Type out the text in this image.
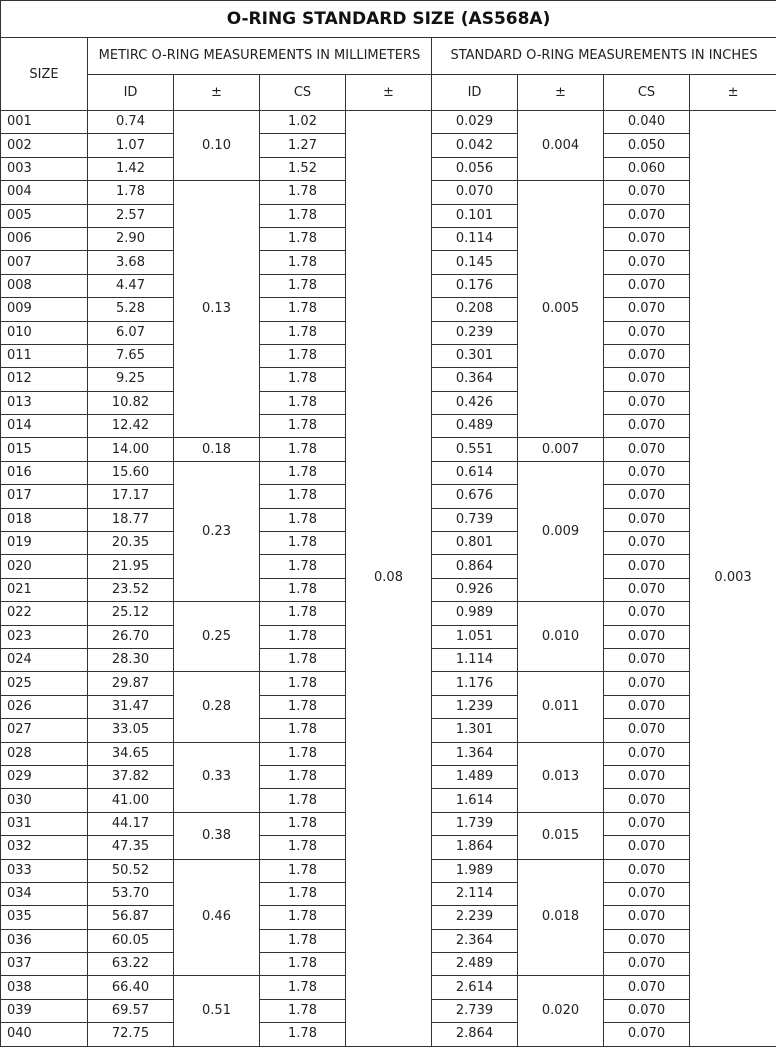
O-RING STANDARD SIZE (AS568A)								
SIZE	METIRC O-RING MEASUREMENTS IN MILLIMETERS				STANDARD O-RING MEASUREMENTS IN INCHES			
	ID	±	CS	±	ID	±	CS	±
001	0.74	0.10	1.02	0.08	0.029	0.004	0.040	0.003
002	1.07		1.27		0.042		0.050	
003	1.42		1.52		0.056		0.060	
004	1.78	0.13	1.78		0.070	0.005	0.070	
005	2.57		1.78		0.101		0.070	
006	2.90		1.78		0.114		0.070	
007	3.68		1.78		0.145		0.070	
008	4.47		1.78		0.176		0.070	
009	5.28		1.78		0.208		0.070	
010	6.07		1.78		0.239		0.070	
011	7.65		1.78		0.301		0.070	
012	9.25		1.78		0.364		0.070	
013	10.82		1.78		0.426		0.070	
014	12.42		1.78		0.489		0.070	
015	14.00	0.18	1.78		0.551	0.007	0.070	
016	15.60	0.23	1.78		0.614	0.009	0.070	
017	17.17		1.78		0.676		0.070	
018	18.77		1.78		0.739		0.070	
019	20.35		1.78		0.801		0.070	
020	21.95		1.78		0.864		0.070	
021	23.52		1.78		0.926		0.070	
022	25.12	0.25	1.78		0.989	0.010	0.070	
023	26.70		1.78		1.051		0.070	
024	28.30		1.78		1.114		0.070	
025	29.87	0.28	1.78		1.176	0.011	0.070	
026	31.47		1.78		1.239		0.070	
027	33.05		1.78		1.301		0.070	
028	34.65	0.33	1.78		1.364	0.013	0.070	
029	37.82		1.78		1.489		0.070	
030	41.00		1.78		1.614		0.070	
031	44.17	0.38	1.78		1.739	0.015	0.070	
032	47.35		1.78		1.864		0.070	
033	50.52	0.46	1.78		1.989	0.018	0.070	
034	53.70		1.78		2.114		0.070	
035	56.87		1.78		2.239		0.070	
036	60.05		1.78		2.364		0.070	
037	63.22		1.78		2.489		0.070	
038	66.40	0.51	1.78		2.614	0.020	0.070	
039	69.57		1.78		2.739		0.070	
040	72.75		1.78		2.864		0.070	
